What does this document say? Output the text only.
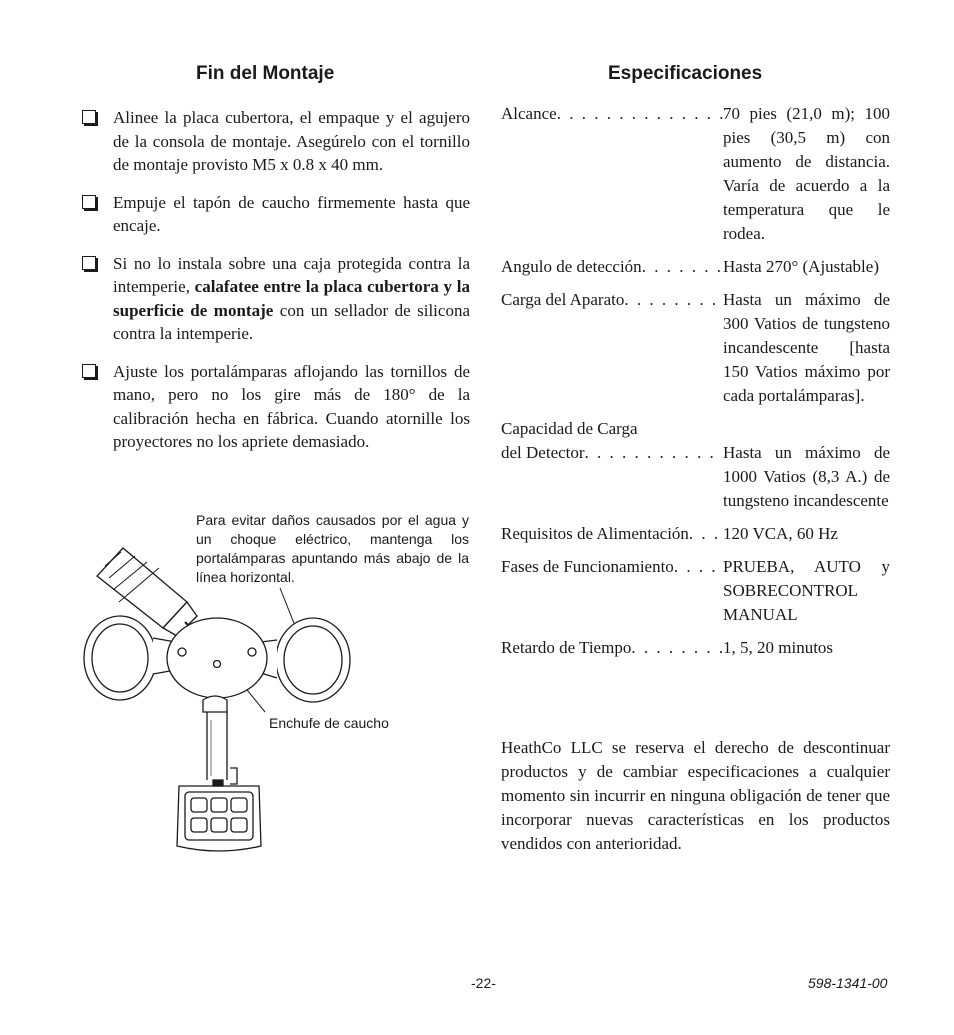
Fin del Montaje	Especificaciones
Alinee la placa cubertora, el empaque y el agujero de la consola de montaje. Asegúrelo con el tornillo de montaje provisto M5 x 0.8 x 40 mm.
Empuje el tapón de caucho firmemente hasta que encaje.
Si no lo instala sobre una caja protegida contra la intemperie, calafatee entre la placa cubertora y la superficie de montaje con un sellador de silicona contra la intemperie.
Ajuste los portalámparas aflojando las tornillos de mano, pero no los gire más de 180° de la calibración hecha en fábrica. Cuando atornille los proyectores no los apriete demasiado.

Para evitar daños causados por el agua y un choque eléctrico, mantenga los portalámparas apuntando más abajo de la línea horizontal.

Enchufe de caucho

Alcance . . .	70 pies (21,0 m); 100 pies (30,5 m) con aumento de distancia. Varía de acuerdo a la temperatura que le rodea.
Angulo de detección . . .	Hasta 270° (Ajustable)
Carga del Aparato . . .	Hasta un máximo de 300 Vatios de tungsteno incandescente [hasta 150 Vatios máximo por cada portalámparas].
Capacidad de Carga
del Detector . . .	Hasta un máximo de 1000 Vatios (8,3 A.) de tungsteno incandescente
Requisitos de Alimentación . . . 120 VCA, 60 Hz
Fases de Funcionamiento . . .	PRUEBA, AUTO y SOBRECONTROL MANUAL
Retardo de Tiempo . . .	1, 5, 20 minutos

HeathCo LLC se reserva el derecho de descontinuar productos y de cambiar especificaciones a cualquier momento sin incurrir en ninguna obligación de tener que incorporar nuevas características en los productos vendidos con anterioridad.

-22-	598-1341-00
